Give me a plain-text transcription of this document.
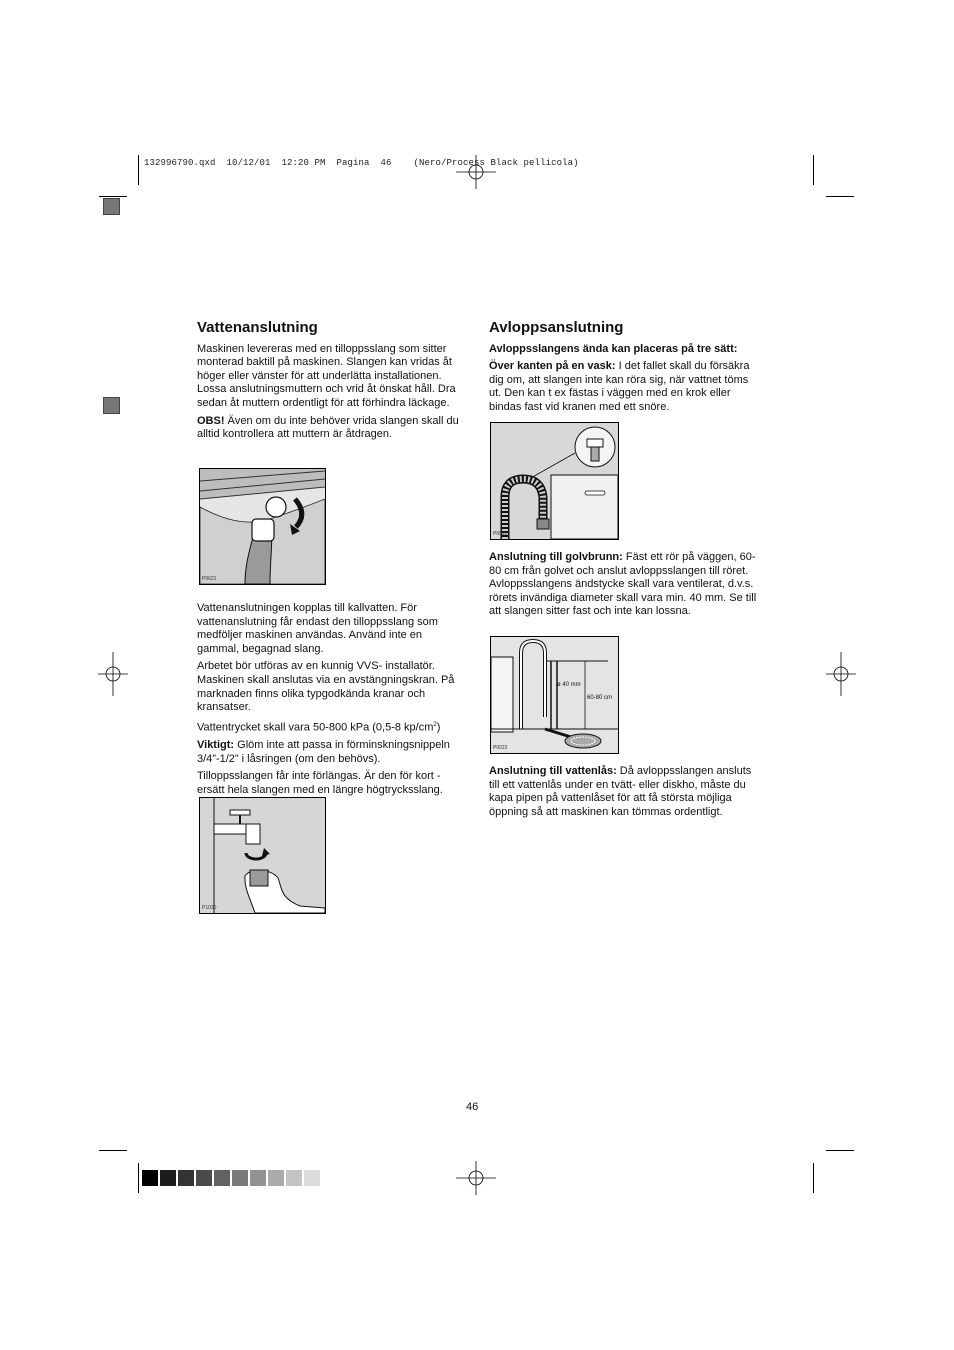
132996790.qxd  10/12/01  12:20 PM  Pagina  46    (Nero/Process Black pellicola)
Vattenanslutning

Maskinen levereras med en tilloppsslang som sitter monterad baktill på maskinen. Slangen kan vridas åt höger eller vänster för att underlätta installationen. Lossa anslutningsmuttern och vrid åt önskat håll. Dra sedan åt muttern ordentligt för att förhindra läckage.

OBS! Även om du inte behöver vrida slangen skall du alltid kontrollera att muttern är åtdragen.

P0621

Vattenanslutningen kopplas till kallvatten. För vattenanslutning får endast den tilloppsslang som medföljer maskinen användas. Använd inte en gammal, begagnad slang.

Arbetet bör utföras av en kunnig VVS- installatör. Maskinen skall anslutas via en avstängningskran. På marknaden finns olika typgodkända kranar och kransatser.

Vattentrycket skall vara 50-800 kPa (0,5-8 $kp/cm^2$)

Viktigt: Glöm inte att passa in förminskningsnippeln 3/4”-1/2” i låsringen (om den behövs).

Tilloppsslangen får inte förlängas. Är den för kort - ersätt hela slangen med en längre högtrycksslang.

P1030
Avloppsanslutning

Avloppsslangens ända kan placeras på tre sätt:

Över kanten på en vask: I det fallet skall du försäkra dig om, att slangen inte kan röra sig, när vattnet töms ut. Den kan t ex fästas i väggen med en krok eller bindas fast vid kranen med ett snöre.

P0022

Anslutning till golvbrunn: Fäst ett rör på väggen, 60-80 cm från golvet och anslut avloppsslangen till röret. Avloppsslangens ändstycke skall vara ventilerat, d.v.s. rörets invändiga diameter skall vara min. 40 mm. Se till att slangen sitter fast och inte kan lossna.

ø 40 mm
60-80 cm
P0023

Anslutning till vattenlås: Då avloppsslangen ansluts till ett vattenlås under en tvätt- eller diskho, måste du kapa pipen på vattenlåset för att få största möjliga öppning så att maskinen kan tömmas ordentligt.

46
